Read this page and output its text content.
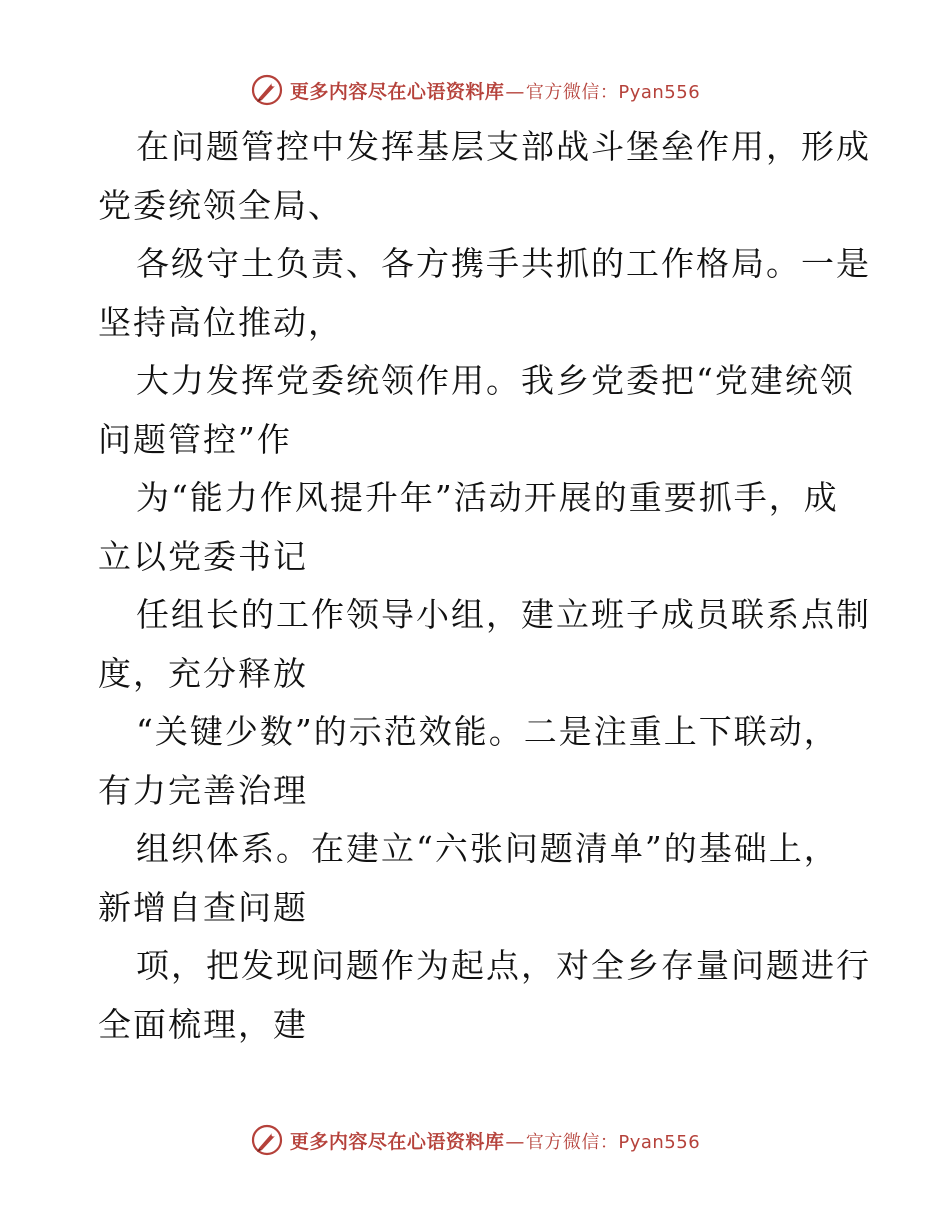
更多内容尽在心语资料库 — 官方微信：Pyan556
在问题管控中发挥基层支部战斗堡垒作用，形成
党委统领全局、
各级守土负责、各方携手共抓的工作格局。一是
坚持高位推动，
大力发挥党委统领作用。我乡党委把“党建统领
问题管控”作
为“能力作风提升年”活动开展的重要抓手，成
立以党委书记
任组长的工作领导小组，建立班子成员联系点制
度，充分释放
“关键少数”的示范效能。二是注重上下联动，
有力完善治理
组织体系。在建立“六张问题清单”的基础上，
新增自查问题
项，把发现问题作为起点，对全乡存量问题进行
全面梳理，建
更多内容尽在心语资料库 — 官方微信：Pyan556
